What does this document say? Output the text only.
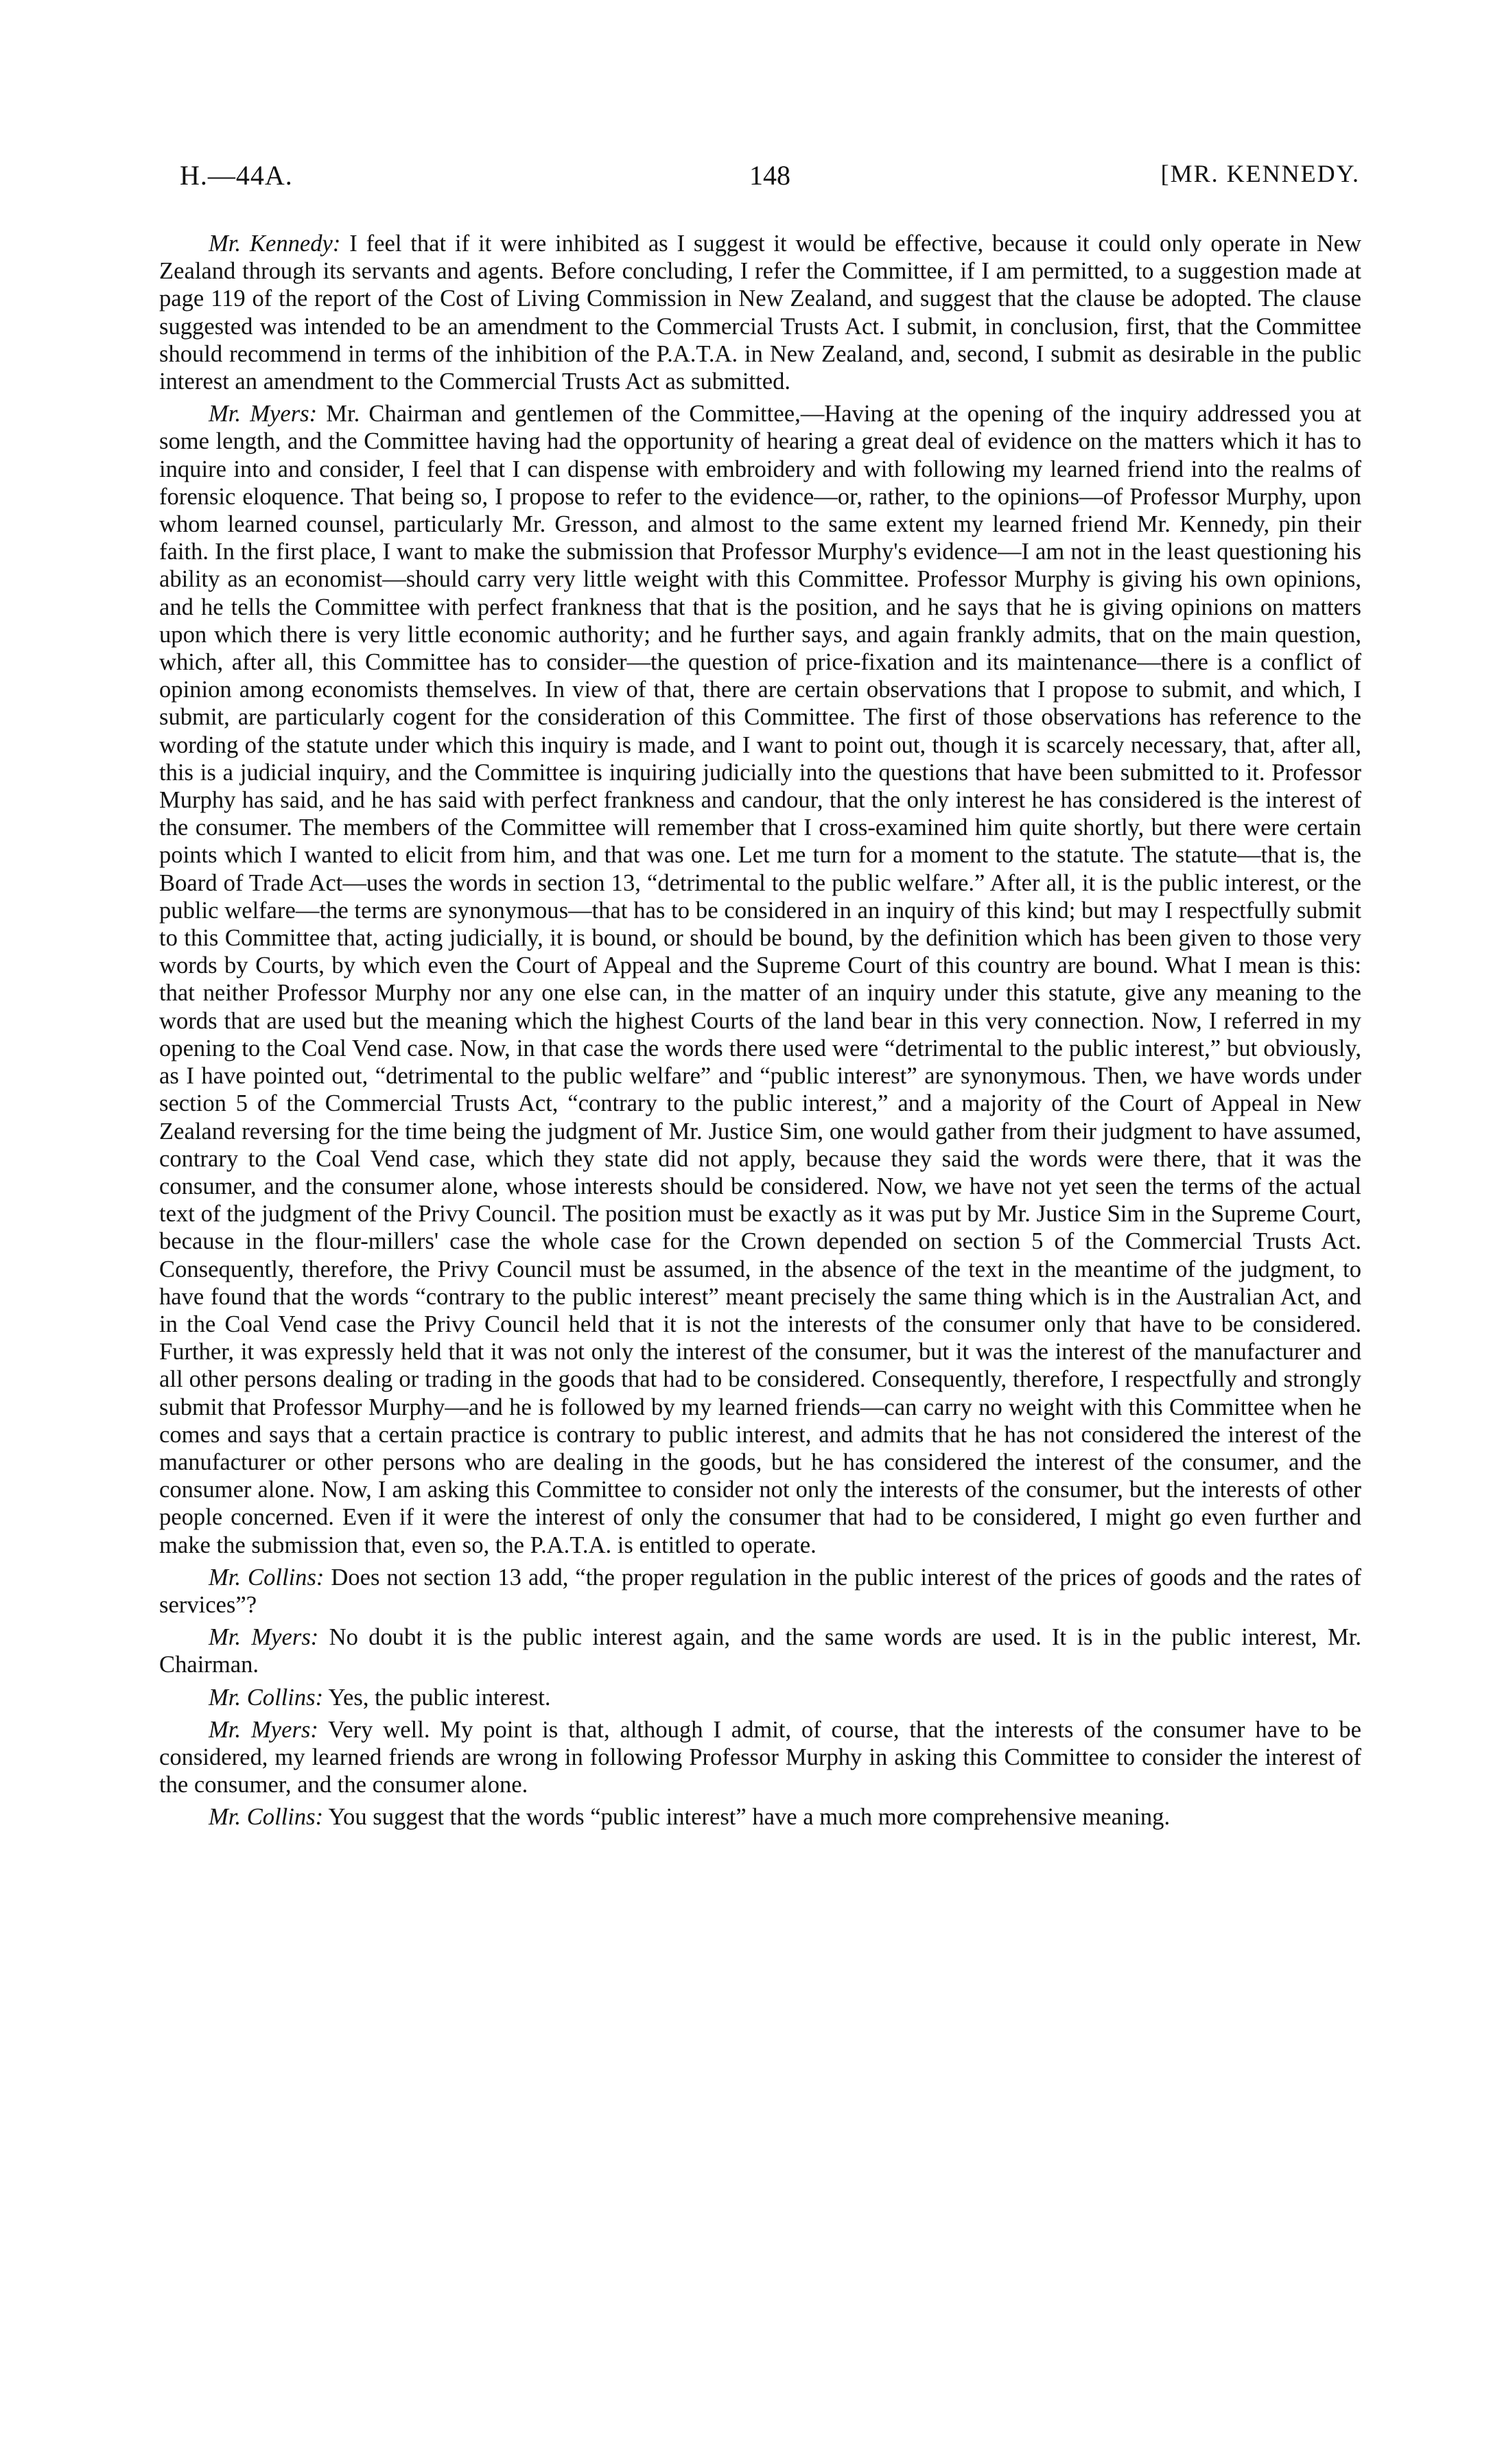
H.—44A.	148	[MR. KENNEDY.

Mr. Kennedy: I feel that if it were inhibited as I suggest it would be effective, because it could only operate in New Zealand through its servants and agents. Before concluding, I refer the Committee, if I am permitted, to a suggestion made at page 119 of the report of the Cost of Living Commission in New Zealand, and suggest that the clause be adopted. The clause suggested was intended to be an amendment to the Commercial Trusts Act. I submit, in conclusion, first, that the Committee should recommend in terms of the inhibition of the P.A.T.A. in New Zealand, and, second, I submit as desirable in the public interest an amendment to the Commercial Trusts Act as submitted.

Mr. Myers: Mr. Chairman and gentlemen of the Committee,—Having at the opening of the inquiry addressed you at some length, and the Committee having had the opportunity of hearing a great deal of evidence on the matters which it has to inquire into and consider, I feel that I can dispense with embroidery and with following my learned friend into the realms of forensic eloquence. That being so, I propose to refer to the evidence—or, rather, to the opinions—of Professor Murphy, upon whom learned counsel, particularly Mr. Gresson, and almost to the same extent my learned friend Mr. Kennedy, pin their faith. In the first place, I want to make the submission that Professor Murphy's evidence—I am not in the least questioning his ability as an economist—should carry very little weight with this Committee. Professor Murphy is giving his own opinions, and he tells the Committee with perfect frankness that that is the position, and he says that he is giving opinions on matters upon which there is very little economic authority; and he further says, and again frankly admits, that on the main question, which, after all, this Committee has to consider—the question of price-fixation and its maintenance—there is a conflict of opinion among economists themselves. In view of that, there are certain observations that I propose to submit, and which, I submit, are particularly cogent for the consideration of this Committee. The first of those observations has reference to the wording of the statute under which this inquiry is made, and I want to point out, though it is scarcely necessary, that, after all, this is a judicial inquiry, and the Committee is inquiring judicially into the questions that have been submitted to it. Professor Murphy has said, and he has said with perfect frankness and candour, that the only interest he has considered is the interest of the consumer. The members of the Committee will remember that I cross-examined him quite shortly, but there were certain points which I wanted to elicit from him, and that was one. Let me turn for a moment to the statute. The statute—that is, the Board of Trade Act—uses the words in section 13, “detrimental to the public welfare.” After all, it is the public interest, or the public welfare—the terms are synonymous—that has to be considered in an inquiry of this kind; but may I respectfully submit to this Committee that, acting judicially, it is bound, or should be bound, by the definition which has been given to those very words by Courts, by which even the Court of Appeal and the Supreme Court of this country are bound. What I mean is this: that neither Professor Murphy nor any one else can, in the matter of an inquiry under this statute, give any meaning to the words that are used but the meaning which the highest Courts of the land bear in this very connection. Now, I referred in my opening to the Coal Vend case. Now, in that case the words there used were “detrimental to the public interest,” but obviously, as I have pointed out, “detrimental to the public welfare” and “public interest” are synonymous. Then, we have words under section 5 of the Commercial Trusts Act, “contrary to the public interest,” and a majority of the Court of Appeal in New Zealand reversing for the time being the judgment of Mr. Justice Sim, one would gather from their judgment to have assumed, contrary to the Coal Vend case, which they state did not apply, because they said the words were there, that it was the consumer, and the consumer alone, whose interests should be considered. Now, we have not yet seen the terms of the actual text of the judgment of the Privy Council. The position must be exactly as it was put by Mr. Justice Sim in the Supreme Court, because in the flour-millers' case the whole case for the Crown depended on section 5 of the Commercial Trusts Act. Consequently, therefore, the Privy Council must be assumed, in the absence of the text in the meantime of the judgment, to have found that the words “contrary to the public interest” meant precisely the same thing which is in the Australian Act, and in the Coal Vend case the Privy Council held that it is not the interests of the consumer only that have to be considered. Further, it was expressly held that it was not only the interest of the consumer, but it was the interest of the manufacturer and all other persons dealing or trading in the goods that had to be considered. Consequently, therefore, I respectfully and strongly submit that Professor Murphy—and he is followed by my learned friends—can carry no weight with this Committee when he comes and says that a certain practice is contrary to public interest, and admits that he has not considered the interest of the manufacturer or other persons who are dealing in the goods, but he has considered the interest of the consumer, and the consumer alone. Now, I am asking this Committee to consider not only the interests of the consumer, but the interests of other people concerned. Even if it were the interest of only the consumer that had to be considered, I might go even further and make the submission that, even so, the P.A.T.A. is entitled to operate.

Mr. Collins: Does not section 13 add, “the proper regulation in the public interest of the prices of goods and the rates of services”?

Mr. Myers: No doubt it is the public interest again, and the same words are used. It is in the public interest, Mr. Chairman.

Mr. Collins: Yes, the public interest.

Mr. Myers: Very well. My point is that, although I admit, of course, that the interests of the consumer have to be considered, my learned friends are wrong in following Professor Murphy in asking this Committee to consider the interest of the consumer, and the consumer alone.

Mr. Collins: You suggest that the words “public interest” have a much more comprehensive meaning.
